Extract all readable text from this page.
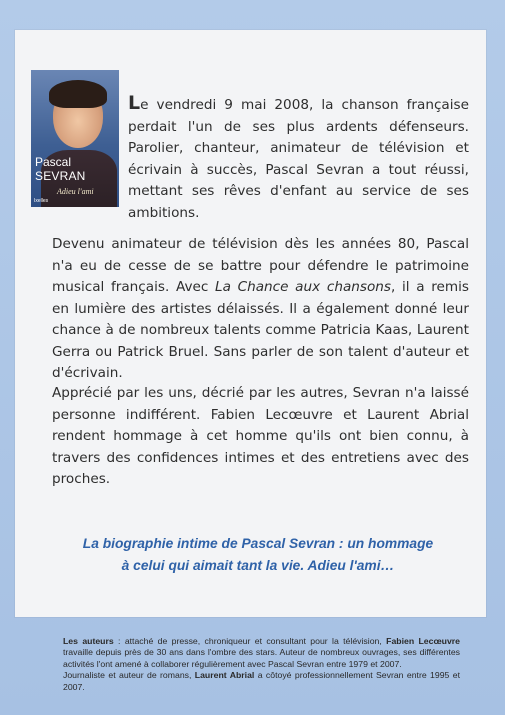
Pascal
SEVRAN
Adieu l'ami
Ixelles

Le vendredi 9 mai 2008, la chanson française perdait l'un de ses plus ardents défenseurs. Parolier, chanteur, animateur de télévision et écrivain à succès, Pascal Sevran a tout réussi, mettant ses rêves d'enfant au service de ses ambitions.

Devenu animateur de télévision dès les années 80, Pascal n'a eu de cesse de se battre pour défendre le patrimoine musical français. Avec La Chance aux chansons, il a remis en lumière des artistes délaissés. Il a également donné leur chance à de nombreux talents comme Patricia Kaas, Laurent Gerra ou Patrick Bruel. Sans parler de son talent d'auteur et d'écrivain.

Apprécié par les uns, décrié par les autres, Sevran n'a laissé personne indifférent. Fabien Lecœuvre et Laurent Abrial rendent hommage à cet homme qu'ils ont bien connu, à travers des confidences intimes et des entretiens avec des proches.

La biographie intime de Pascal Sevran : un hommage
à celui qui aimait tant la vie. Adieu l'ami…
Les auteurs : attaché de presse, chroniqueur et consultant pour la télévision, Fabien Lecœuvre travaille depuis près de 30 ans dans l'ombre des stars. Auteur de nombreux ouvrages, ses différentes activités l'ont amené à collaborer régulièrement avec Pascal Sevran entre 1979 et 2007.
Journaliste et auteur de romans, Laurent Abrial a côtoyé professionnellement Sevran entre 1995 et 2007.
